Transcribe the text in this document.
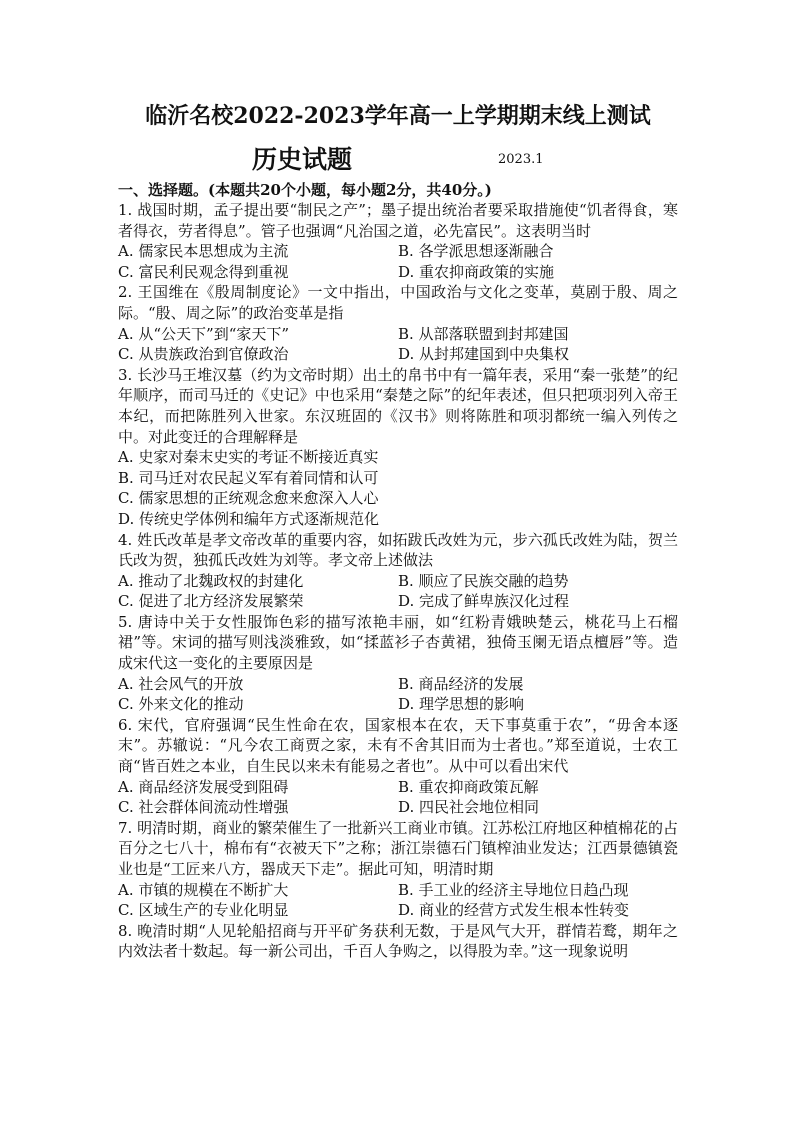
临沂名校2022-2023学年高一上学期期末线上测试
历史试题	2023.1
一、选择题。(本题共20个小题，每小题2分，共40分。)

1. 战国时期，孟子提出要“制民之产”；墨子提出统治者要采取措施使“饥者得食，寒者得衣，劳者得息”。管子也强调“凡治国之道，必先富民”。这表明当时

A. 儒家民本思想成为主流	B. 各学派思想逐渐融合
C. 富民利民观念得到重视	D. 重农抑商政策的实施

2. 王国维在《殷周制度论》一文中指出，中国政治与文化之变革，莫剧于殷、周之际。“殷、周之际”的政治变革是指

A. 从“公天下”到“家天下”	B. 从部落联盟到封邦建国
C. 从贵族政治到官僚政治	D. 从封邦建国到中央集权

3. 长沙马王堆汉墓（约为文帝时期）出土的帛书中有一篇年表，采用“秦一张楚”的纪年顺序，而司马迁的《史记》中也采用“秦楚之际”的纪年表述，但只把项羽列入帝王本纪，而把陈胜列入世家。东汉班固的《汉书》则将陈胜和项羽都统一编入列传之中。对此变迁的合理解释是

A. 史家对秦末史实的考证不断接近真实
B. 司马迁对农民起义军有着同情和认可
C. 儒家思想的正统观念愈来愈深入人心
D. 传统史学体例和编年方式逐渐规范化

4. 姓氏改革是孝文帝改革的重要内容，如拓跋氏改姓为元，步六孤氏改姓为陆，贺兰氏改为贺，独孤氏改姓为刘等。孝文帝上述做法

A. 推动了北魏政权的封建化	B. 顺应了民族交融的趋势
C. 促进了北方经济发展繁荣	D. 完成了鲜卑族汉化过程

5. 唐诗中关于女性服饰色彩的描写浓艳丰丽，如“红粉青娥映楚云，桃花马上石榴裙”等。宋词的描写则浅淡雅致，如“揉蓝衫子杏黄裙，独倚玉阑无语点檀唇”等。造成宋代这一变化的主要原因是

A. 社会风气的开放	B. 商品经济的发展
C. 外来文化的推动	D. 理学思想的影响

6. 宋代，官府强调“民生性命在农，国家根本在农，天下事莫重于农”，“毋舍本逐末”。苏辙说：“凡今农工商贾之家，未有不舍其旧而为士者也。”郑至道说，士农工商“皆百姓之本业，自生民以来未有能易之者也”。从中可以看出宋代

A. 商品经济发展受到阻碍	B. 重农抑商政策瓦解
C. 社会群体间流动性增强	D. 四民社会地位相同

7. 明清时期，商业的繁荣催生了一批新兴工商业市镇。江苏松江府地区种植棉花的占百分之七八十，棉布有“衣被天下”之称；浙江崇德石门镇榨油业发达；江西景德镇瓷业也是“工匠来八方，器成天下走”。据此可知，明清时期

A. 市镇的规模在不断扩大	B. 手工业的经济主导地位日趋凸现
C. 区域生产的专业化明显	D. 商业的经营方式发生根本性转变

8. 晚清时期“人见轮船招商与开平矿务获利无数，于是风气大开，群情若鹜，期年之内效法者十数起。每一新公司出，千百人争购之，以得股为幸。”这一现象说明
